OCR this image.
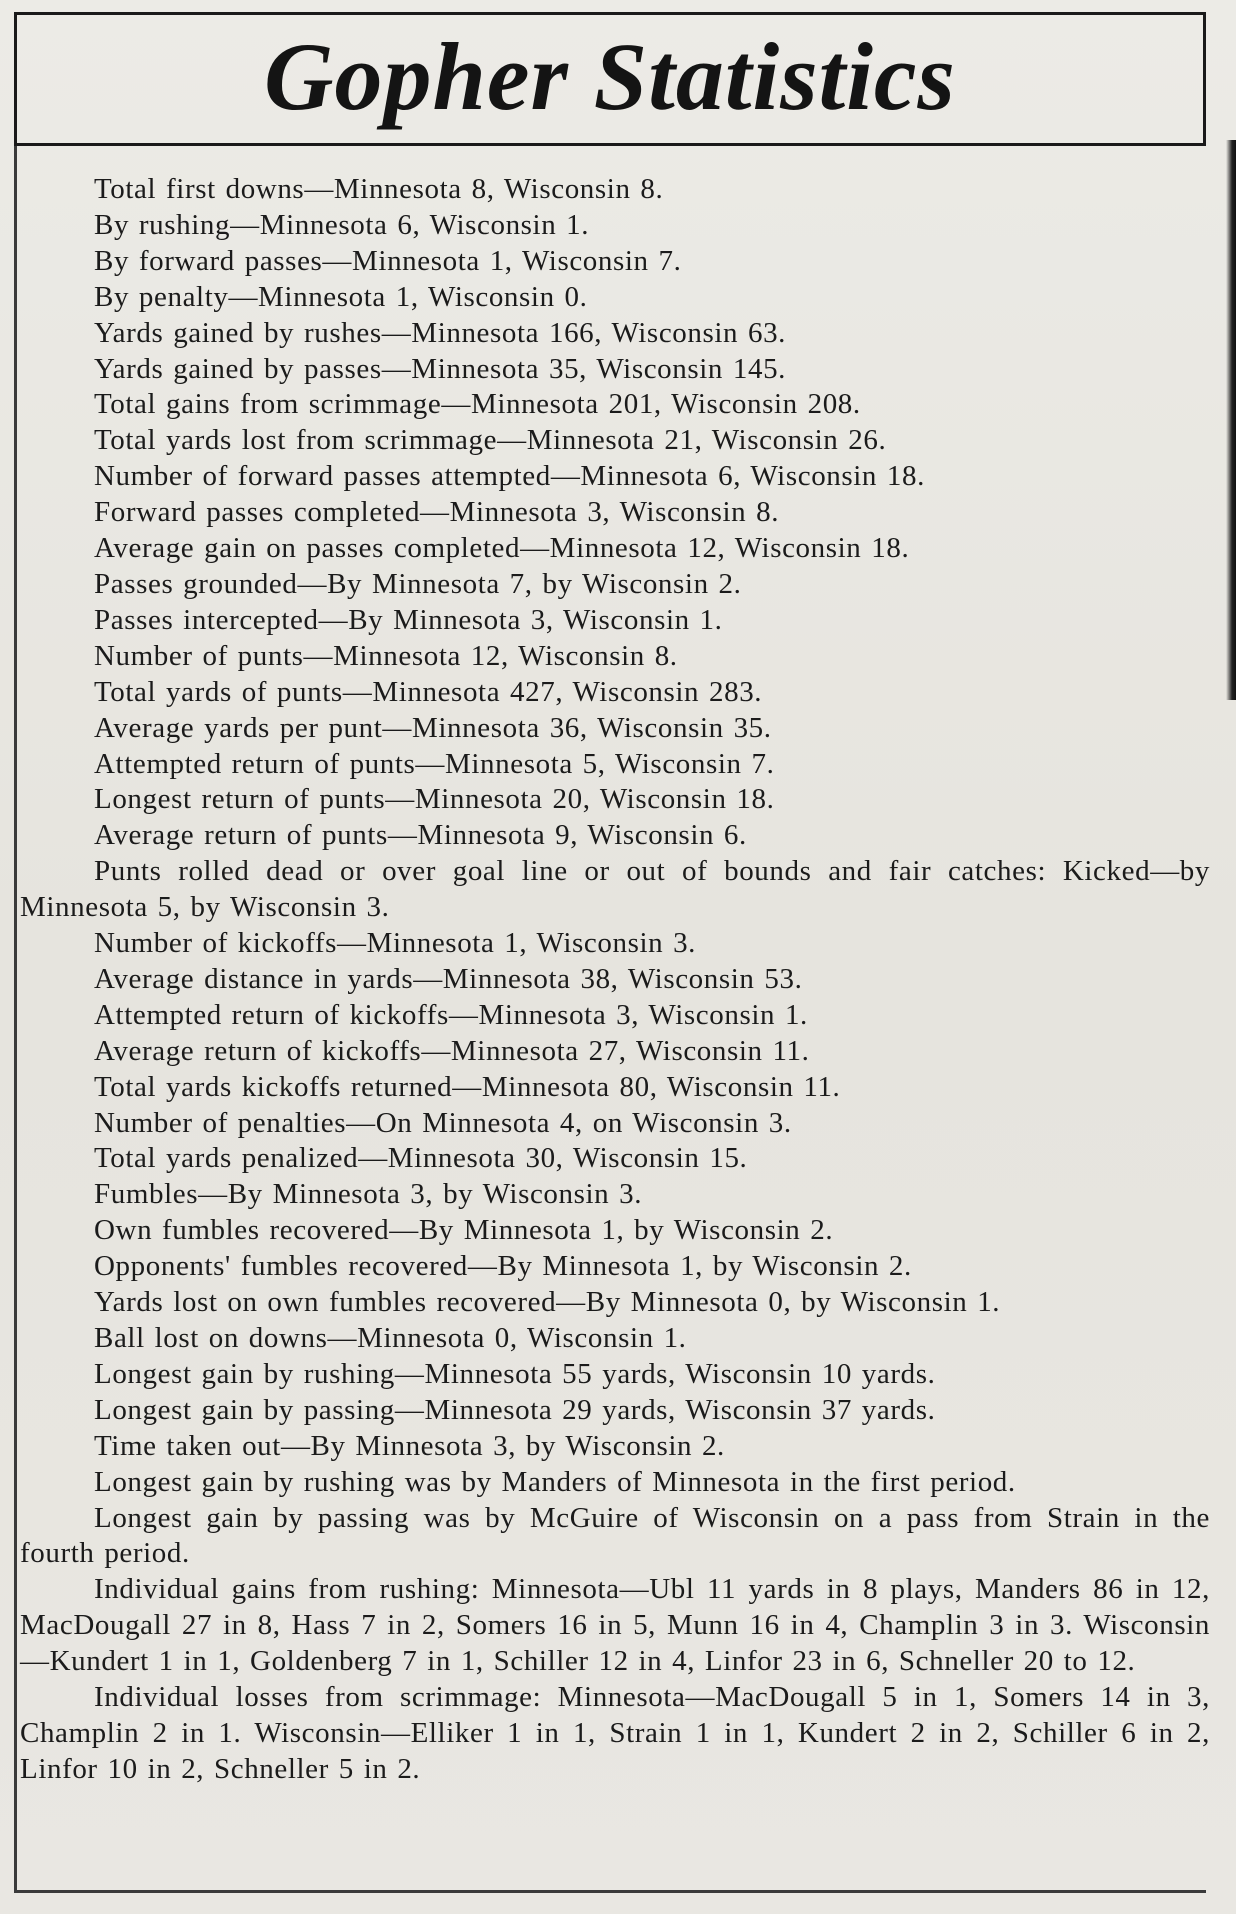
Gopher Statistics
Total first downs—Minnesota 8, Wisconsin 8.
By rushing—Minnesota 6, Wisconsin 1.
By forward passes—Minnesota 1, Wisconsin 7.
By penalty—Minnesota 1, Wisconsin 0.
Yards gained by rushes—Minnesota 166, Wisconsin 63.
Yards gained by passes—Minnesota 35, Wisconsin 145.
Total gains from scrimmage—Minnesota 201, Wisconsin 208.
Total yards lost from scrimmage—Minnesota 21, Wisconsin 26.
Number of forward passes attempted—Minnesota 6, Wisconsin 18.
Forward passes completed—Minnesota 3, Wisconsin 8.
Average gain on passes completed—Minnesota 12, Wisconsin 18.
Passes grounded—By Minnesota 7, by Wisconsin 2.
Passes intercepted—By Minnesota 3, Wisconsin 1.
Number of punts—Minnesota 12, Wisconsin 8.
Total yards of punts—Minnesota 427, Wisconsin 283.
Average yards per punt—Minnesota 36, Wisconsin 35.
Attempted return of punts—Minnesota 5, Wisconsin 7.
Longest return of punts—Minnesota 20, Wisconsin 18.
Average return of punts—Minnesota 9, Wisconsin 6.
Punts rolled dead or over goal line or out of bounds and fair catches: Kicked—by Minnesota 5, by Wisconsin 3.
Number of kickoffs—Minnesota 1, Wisconsin 3.
Average distance in yards—Minnesota 38, Wisconsin 53.
Attempted return of kickoffs—Minnesota 3, Wisconsin 1.
Average return of kickoffs—Minnesota 27, Wisconsin 11.
Total yards kickoffs returned—Minnesota 80, Wisconsin 11.
Number of penalties—On Minnesota 4, on Wisconsin 3.
Total yards penalized—Minnesota 30, Wisconsin 15.
Fumbles—By Minnesota 3, by Wisconsin 3.
Own fumbles recovered—By Minnesota 1, by Wisconsin 2.
Opponents' fumbles recovered—By Minnesota 1, by Wisconsin 2.
Yards lost on own fumbles recovered—By Minnesota 0, by Wisconsin 1.
Ball lost on downs—Minnesota 0, Wisconsin 1.
Longest gain by rushing—Minnesota 55 yards, Wisconsin 10 yards.
Longest gain by passing—Minnesota 29 yards, Wisconsin 37 yards.
Time taken out—By Minnesota 3, by Wisconsin 2.
Longest gain by rushing was by Manders of Minnesota in the first period.
Longest gain by passing was by McGuire of Wisconsin on a pass from Strain in the fourth period.
Individual gains from rushing: Minnesota—Ubl 11 yards in 8 plays, Manders 86 in 12, MacDougall 27 in 8, Hass 7 in 2, Somers 16 in 5, Munn 16 in 4, Champlin 3 in 3. Wisconsin—Kundert 1 in 1, Goldenberg 7 in 1, Schiller 12 in 4, Linfor 23 in 6, Schneller 20 to 12.
Individual losses from scrimmage: Minnesota—MacDougall 5 in 1, Somers 14 in 3, Champlin 2 in 1. Wisconsin—Elliker 1 in 1, Strain 1 in 1, Kundert 2 in 2, Schiller 6 in 2, Linfor 10 in 2, Schneller 5 in 2.
